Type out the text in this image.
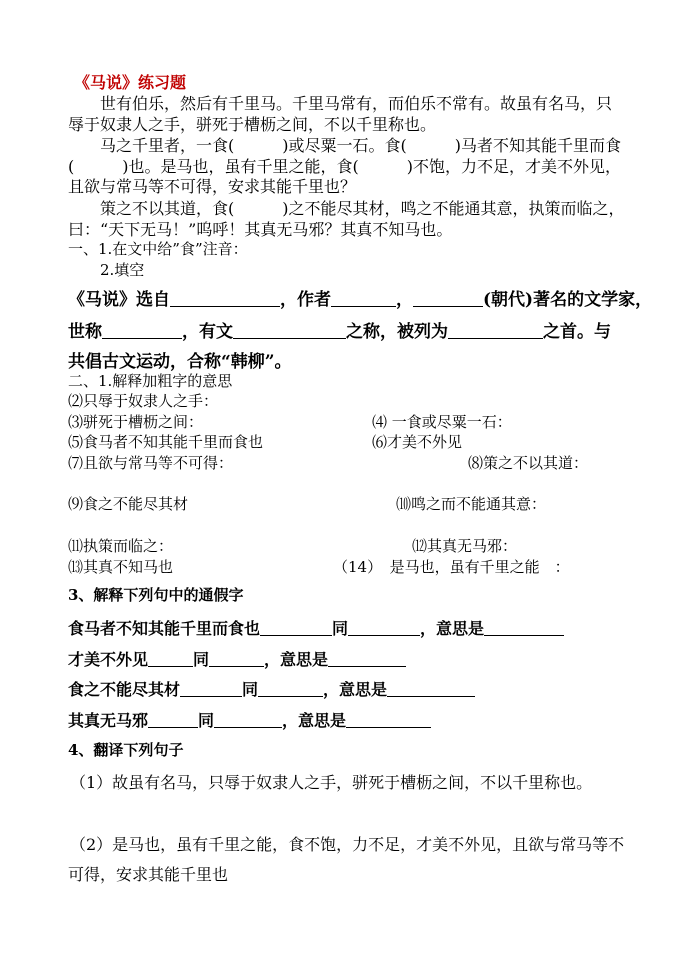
《马说》练习题
世有伯乐，然后有千里马。千里马常有，而伯乐不常有。故虽有名马，只
辱于奴隶人之手，骈死于槽枥之间，不以千里称也。
马之千里者，一食(　　　)或尽粟一石。食(　　　)马者不知其能千里而食
(　　　)也。是马也，虽有千里之能，食(　　　)不饱，力不足，才美不外见，
且欲与常马等不可得，安求其能千里也？
策之不以其道，食(　　　)之不能尽其材，鸣之不能通其意，执策而临之，
曰：“天下无马！”呜呼！其真无马邪？其真不知马也。
一、1.在文中给”食”注音：
2.填空
《马说》选自	，作者	，	(朝代)著名的文学家，
世称	，有文	之称，被列为	之首。与
共倡古文运动，合称“韩柳”。
二、1.解释加粗字的意思
⑵只辱于奴隶人之手：
⑶骈死于槽枥之间：	⑷ 一食或尽粟一石：
⑸食马者不知其能千里而食也	⑹才美不外见
⑺且欲与常马等不可得：	⑻策之不以其道：
⑼食之不能尽其材	⑽鸣之而不能通其意：
⑾执策而临之：	⑿其真无马邪：
⒀其真不知马也	（14）　是马也，虽有千里之能　：
3、解释下列句中的通假字
食马者不知其能千里而食也	同	，意思是
才美不外见	同	，意思是
食之不能尽其材	同	，意思是
其真无马邪	同	，意思是
4、翻译下列句子
（1）故虽有名马，只辱于奴隶人之手，骈死于槽枥之间，不以千里称也。
（2）是马也，虽有千里之能，食不饱，力不足，才美不外见，且欲与常马等不
可得，安求其能千里也
